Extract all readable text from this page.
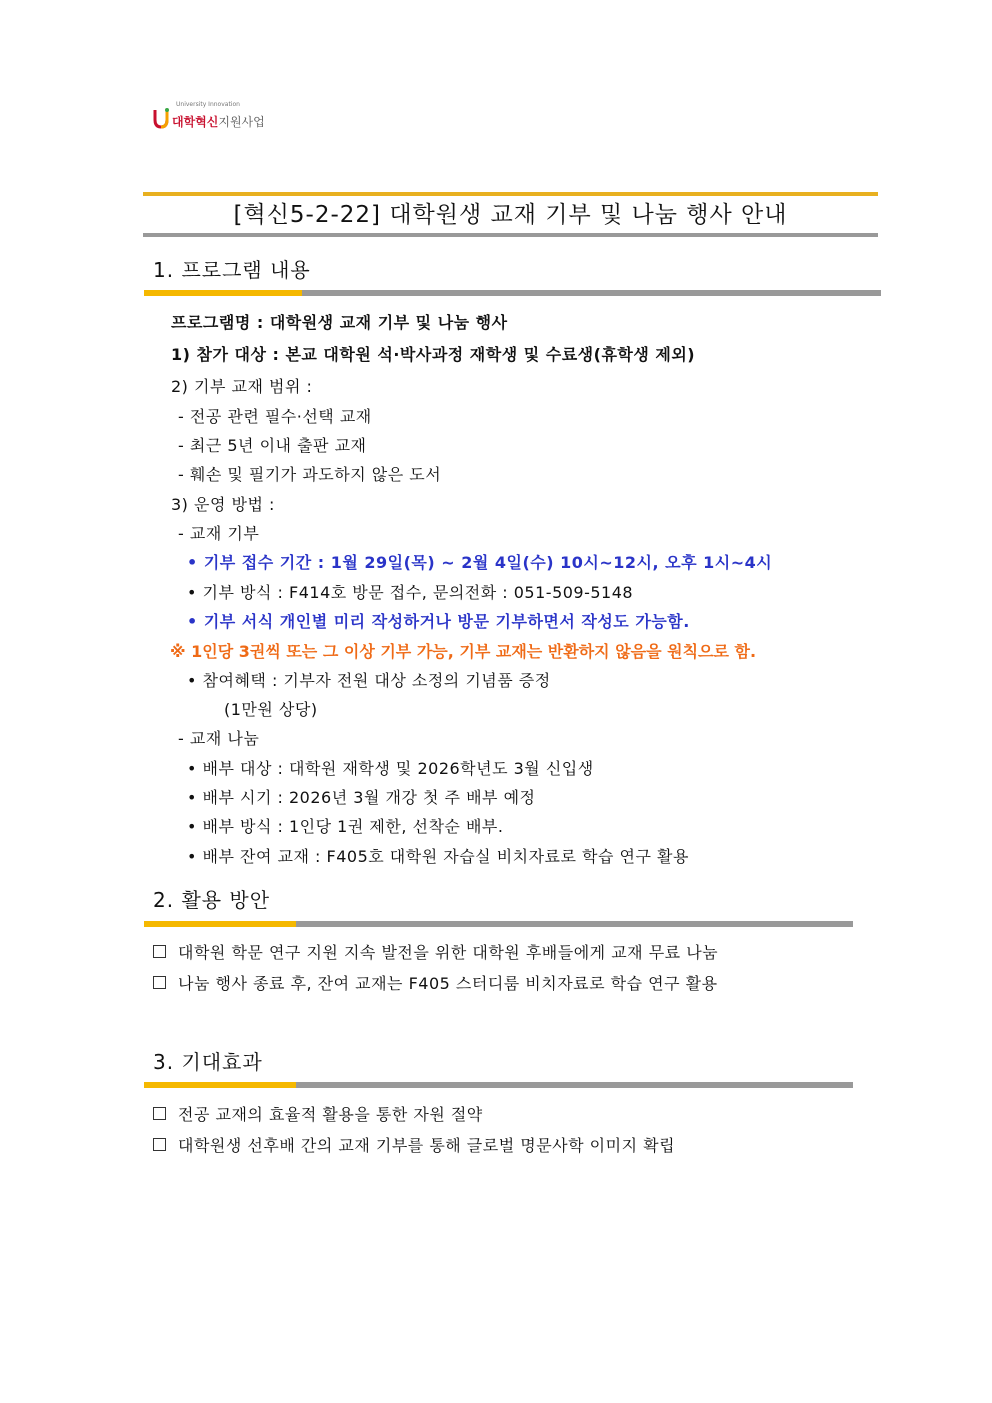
University Innovation
대학혁신지원사업
[혁신5-2-22] 대학원생 교재 기부 및 나눔 행사 안내
1. 프로그램 내용
프로그램명 : 대학원생 교재 기부 및 나눔 행사
1) 참가 대상 : 본교 대학원 석·박사과정 재학생 및 수료생(휴학생 제외)
2) 기부 교재 범위 :
- 전공 관련 필수·선택 교재
- 최근 5년 이내 출판 교재
- 훼손 및 필기가 과도하지 않은 도서
3) 운영 방법 :
- 교재 기부
• 기부 접수 기간 : 1월 29일(목) ~ 2월 4일(수) 10시~12시, 오후 1시~4시
• 기부 방식 : F414호 방문 접수, 문의전화 : 051-509-5148
• 기부 서식 개인별 미리 작성하거나 방문 기부하면서 작성도 가능함.
※ 1인당 3권씩 또는 그 이상 기부 가능, 기부 교재는 반환하지 않음을 원칙으로 함.
• 참여혜택 : 기부자 전원 대상 소정의 기념품 증정
(1만원 상당)
- 교재 나눔
• 배부 대상 : 대학원 재학생 및 2026학년도 3월 신입생
• 배부 시기 : 2026년 3월 개강 첫 주 배부 예정
• 배부 방식 : 1인당 1권 제한, 선착순 배부.
• 배부 잔여 교재 : F405호 대학원 자습실 비치자료로 학습 연구 활용
2. 활용 방안
대학원 학문 연구 지원 지속 발전을 위한 대학원 후배들에게 교재 무료 나눔
나눔 행사 종료 후, 잔여 교재는 F405 스터디룸 비치자료로 학습 연구 활용
3. 기대효과
전공 교재의 효율적 활용을 통한 자원 절약
대학원생 선후배 간의 교재 기부를 통해 글로벌 명문사학 이미지 확립
